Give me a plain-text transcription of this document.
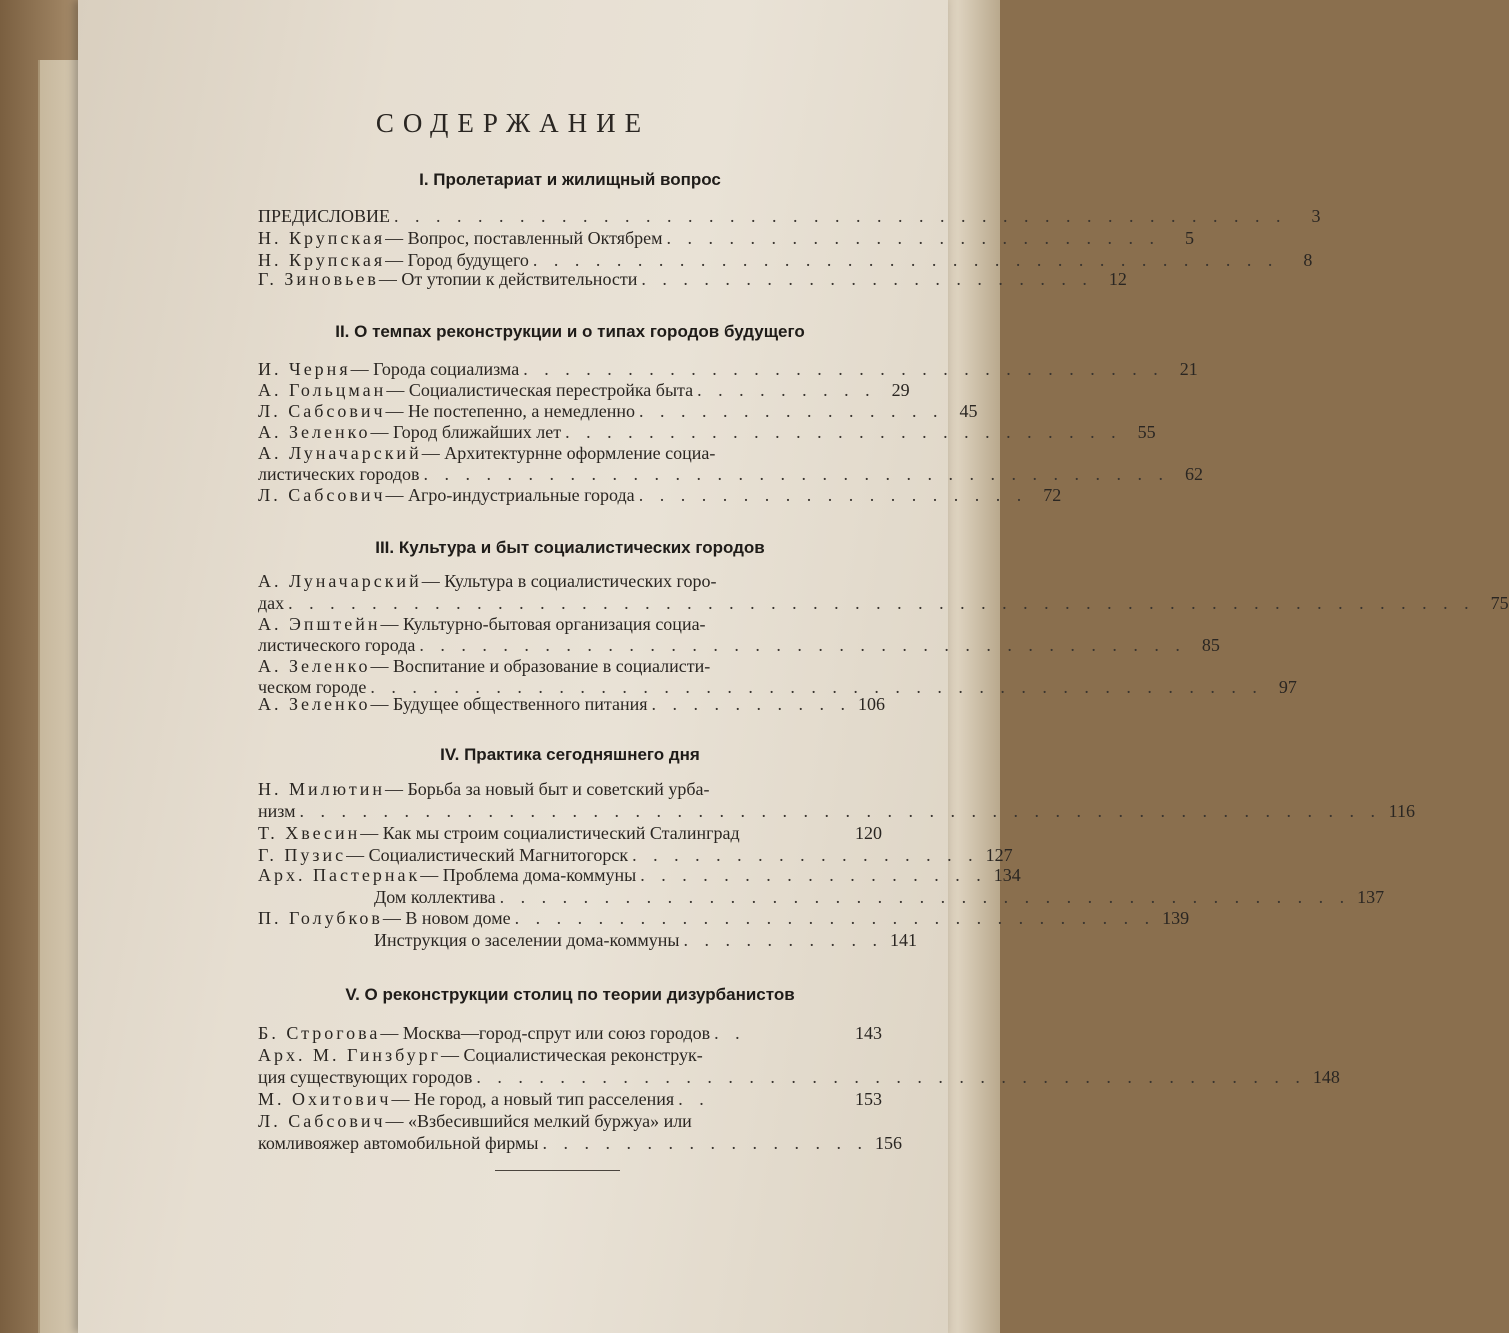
СОДЕРЖАНИЕ
I. Пролетариат и жилищный вопрос
ПРЕДИСЛОВИЕ . . . . . . . . . . . . . . . . . . . . . . . . . . . . . . . . . . . . . . . . . . .	3
Н. Крупская — Вопрос, поставленный Октябрем . . . . . . . . . . . . . . . . . . . . . . . .	5
Н. Крупская — Город будущего . . . . . . . . . . . . . . . . . . . . . . . . . . . . . . . . . . . .	8
Г. Зиновьев — От утопии к действительности . . . . . . . . . . . . . . . . . . . . . . 12
II. О темпах реконструкции и о типах городов будущего
И. Черня — Города социализма . . . . . . . . . . . . . . . . . . . . . . . . . . . . . . . 21
А. Гольцман — Социалистическая перестройка быта . . . . . . . . . 29
Л. Сабсович — Не постепенно, а немедленно . . . . . . . . . . . . . . . 45
А. Зеленко — Город ближайших лет . . . . . . . . . . . . . . . . . . . . . . . . . . . 55
А. Луначарский — Архитектурнне оформление социа-
листических городов . . . . . . . . . . . . . . . . . . . . . . . . . . . . . . . . . . . . 62
Л. Сабсович — Агро-индустриальные города . . . . . . . . . . . . . . . . . . . 72
III. Культура и быт социалистических городов
А. Луначарский — Культура в социалистических горо-
дах . . . . . . . . . . . . . . . . . . . . . . . . . . . . . . . . . . . . . . . . . . . . . . . . . . . . . . . . . 75
А. Эпштейн — Культурно-бытовая организация социа-
листического города . . . . . . . . . . . . . . . . . . . . . . . . . . . . . . . . . . . . . 85
А. Зеленко — Воспитание и образование в социалисти-
ческом городе . . . . . . . . . . . . . . . . . . . . . . . . . . . . . . . . . . . . . . . . . . . 97
А. Зеленко — Будущее общественного питания . . . . . . . . . . 106
IV. Практика сегодняшнего дня
Н. Милютин — Борьба за новый быт и советский урба-
низм . . . . . . . . . . . . . . . . . . . . . . . . . . . . . . . . . . . . . . . . . . . . . . . . . . . . 116
Т. Хвесин — Как мы строим социалистический Сталинград	120
Г. Пузис — Социалистический Магнитогорск . . . . . . . . . . . . . . . . . 127
Арх. Пастернак — Проблема дома-коммуны . . . . . . . . . . . . . . . . . 134
Дом коллектива . . . . . . . . . . . . . . . . . . . . . . . . . . . . . . . . . . . . . . . . . 137
П. Голубков — В новом доме . . . . . . . . . . . . . . . . . . . . . . . . . . . . . . . 139
Инструкция о заселении дома-коммуны . . . . . . . . . . 141
V. О реконструкции столиц по теории дизурбанистов
Б. Строгова — Москва—город-спрут или союз городов . .	143
Арх. М. Гинзбург — Социалистическая реконструк-
ция существующих городов . . . . . . . . . . . . . . . . . . . . . . . . . . . . . . . . . . . . . . . . 148
М. Охитович — Не город, а новый тип расселения . .	153
Л. Сабсович — «Взбесившийся мелкий буржуа» или
комливояжер автомобильной фирмы . . . . . . . . . . . . . . . . 156
